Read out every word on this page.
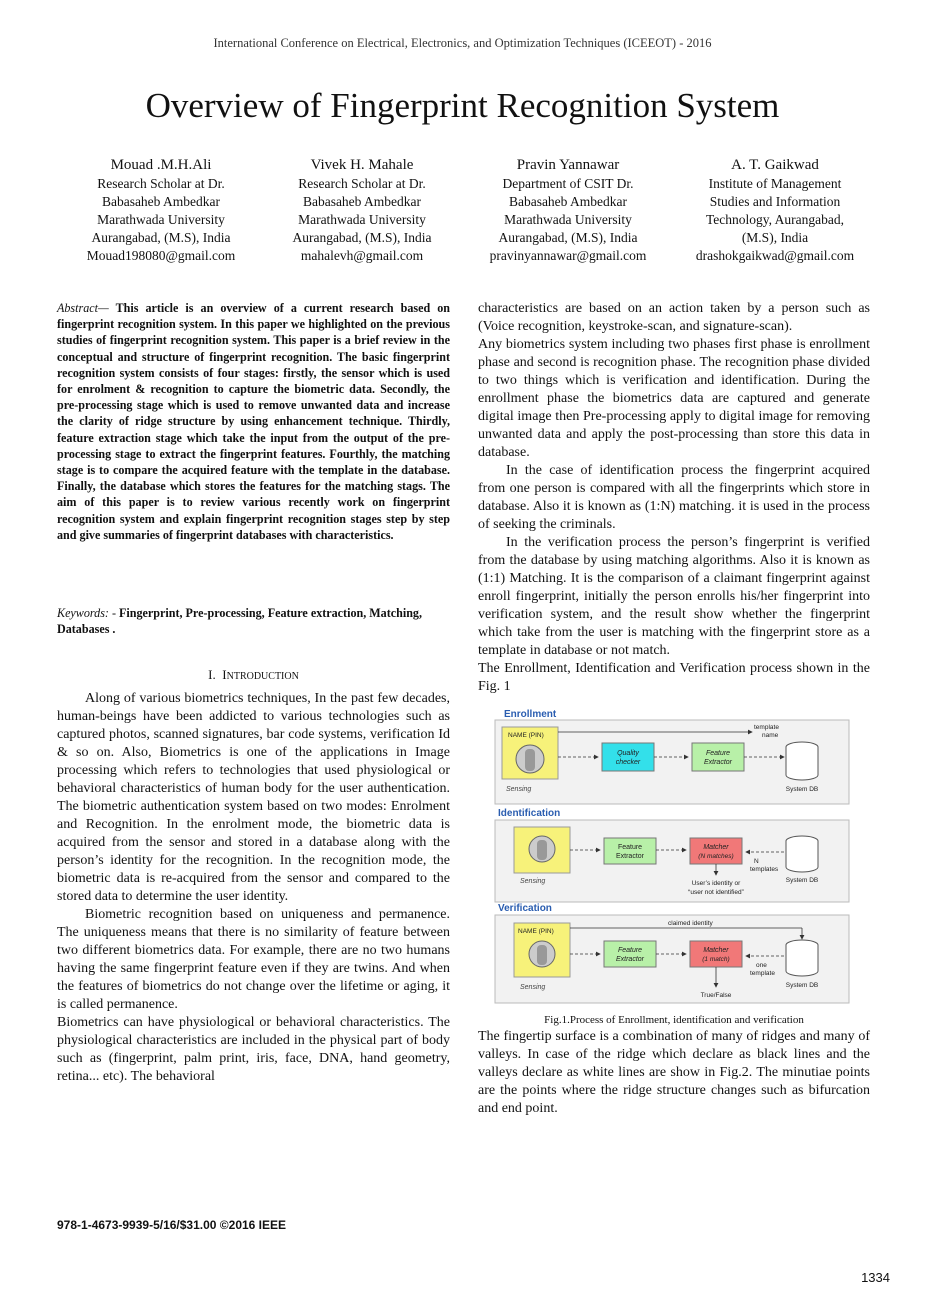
International Conference on Electrical, Electronics, and Optimization Techniques (ICEEOT) - 2016
Overview of Fingerprint Recognition System
Mouad .M.H.Ali
Research Scholar at Dr.
Babasaheb Ambedkar
Marathwada University
Aurangabad, (M.S), India
Mouad198080@gmail.com
Vivek H. Mahale
Research Scholar at Dr.
Babasaheb Ambedkar
Marathwada University
Aurangabad, (M.S), India
mahalevh@gmail.com
Pravin Yannawar
Department of CSIT Dr.
Babasaheb Ambedkar
Marathwada University
Aurangabad, (M.S), India
pravinyannawar@gmail.com
A. T. Gaikwad
Institute of Management
Studies and Information
Technology, Aurangabad,
(M.S), India
drashokgaikwad@gmail.com
Abstract— This article is an overview of a current research based on fingerprint recognition system. In this paper we highlighted on the previous studies of fingerprint recognition system. This paper is a brief review in the conceptual and structure of fingerprint recognition. The basic fingerprint recognition system consists of four stages: firstly, the sensor which is used for enrolment & recognition to capture the biometric data. Secondly, the pre-processing stage which is used to remove unwanted data and increase the clarity of ridge structure by using enhancement technique. Thirdly, feature extraction stage which take the input from the output of the pre-processing stage to extract the fingerprint features. Fourthly, the matching stage is to compare the acquired feature with the template in the database. Finally, the database which stores the features for the matching stags. The aim of this paper is to review various recently work on fingerprint recognition system and explain fingerprint recognition stages step by step and give summaries of fingerprint databases with characteristics.
Keywords: - Fingerprint, Pre-processing, Feature extraction, Matching, Databases .
I. INTRODUCTION

Along of various biometrics techniques, In the past few decades, human-beings have been addicted to various technologies such as captured photos, scanned signatures, bar code systems, verification Id & so on. Also, Biometrics is one of the applications in Image processing which refers to technologies that used physiological or behavioral characteristics of human body for the user authentication. The biometric authentication system based on two modes: Enrolment and Recognition. In the enrolment mode, the biometric data is acquired from the sensor and stored in a database along with the person’s identity for the recognition. In the recognition mode, the biometric data is re-acquired from the sensor and compared to the stored data to determine the user identity.

Biometric recognition based on uniqueness and permanence. The uniqueness means that there is no similarity of feature between two different biometrics data. For example, there are no two humans having the same fingerprint feature even if they are twins. And when the features of biometrics do not change over the lifetime or aging, it is called permanence.

Biometrics can have physiological or behavioral characteristics. The physiological characteristics are included in the physical part of body such as (fingerprint, palm print, iris, face, DNA, hand geometry, retina... etc). The behavioral

characteristics are based on an action taken by a person such as (Voice recognition, keystroke-scan, and signature-scan).

Any biometrics system including two phases first phase is enrollment phase and second is recognition phase. The recognition phase divided to two things which is verification and identification. During the enrollment phase the biometrics data are captured and generate digital image then Pre-processing apply to digital image for removing unwanted data and apply the post-processing than store this data in database.

In the case of identification process the fingerprint acquired from one person is compared with all the fingerprints which store in database. Also it is known as (1:N) matching. it is used in the process of seeking the criminals.

In the verification process the person’s fingerprint is verified from the database by using matching algorithms. Also it is known as (1:1) Matching. It is the comparison of a claimant fingerprint against enroll fingerprint, initially the person enrolls his/her fingerprint into verification system, and the result show whether the fingerprint which take from the user is matching with the fingerprint store as a template in database or not match.

The Enrollment, Identification and Verification process shown in the Fig. 1

Enrollment
NAME (PIN)
Sensing
template
name
Quality
checker
Feature
Extractor
System DB
Identification
Sensing
Feature
Extractor
Matcher
(N matches)
N
templates
System DB
User’s identity or
“user not identified”
Verification
NAME (PIN)
Sensing
claimed identity
Feature
Extractor
Matcher
(1 match)
one
template
System DB
True/False
Fig.1.Process of Enrollment, identification and verification

The fingertip surface is a combination of many of ridges and many of valleys. In case of the ridge which declare as black lines and the valleys declare as white lines are show in Fig.2. The minutiae points are the points where the ridge structure changes such as bifurcation and end point.

978-1-4673-9939-5/16/$31.00 ©2016 IEEE
1334
